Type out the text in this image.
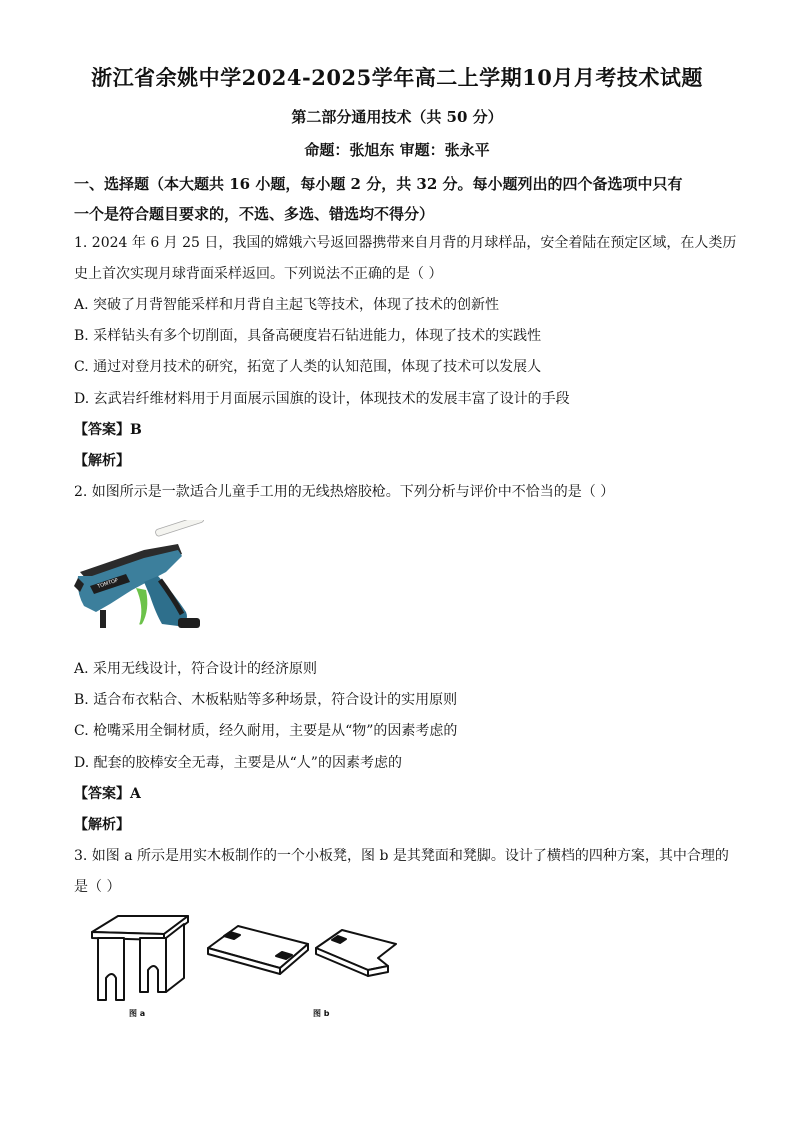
浙江省余姚中学2024-2025学年高二上学期10月月考技术试题
第二部分通用技术（共 50 分）
命题：张旭东 审题：张永平
一、选择题（本大题共 16 小题，每小题 2 分，共 32 分。每小题列出的四个备选项中只有
一个是符合题目要求的，不选、多选、错选均不得分）
1. 2024 年 6 月 25 日，我国的嫦娥六号返回器携带来自月背的月球样品，安全着陆在预定区域，在人类历
史上首次实现月球背面采样返回。下列说法不正确的是（ ）
A. 突破了月背智能采样和月背自主起飞等技术，体现了技术的创新性
B. 采样钻头有多个切削面，具备高硬度岩石钻进能力，体现了技术的实践性
C. 通过对登月技术的研究，拓宽了人类的认知范围，体现了技术可以发展人
D. 玄武岩纤维材料用于月面展示国旗的设计，体现技术的发展丰富了设计的手段
【答案】B
【解析】
2. 如图所示是一款适合儿童手工用的无线热熔胶枪。下列分析与评价中不恰当的是（ ）
TOMTOP
A. 采用无线设计，符合设计的经济原则
B. 适合布衣粘合、木板粘贴等多种场景，符合设计的实用原则
C. 枪嘴采用全铜材质，经久耐用，主要是从“物”的因素考虑的
D. 配套的胶棒安全无毒，主要是从“人”的因素考虑的
【答案】A
【解析】
3. 如图 a 所示是用实木板制作的一个小板凳，图 b 是其凳面和凳脚。设计了横档的四种方案，其中合理的
是（ ）
图 a	图 b
